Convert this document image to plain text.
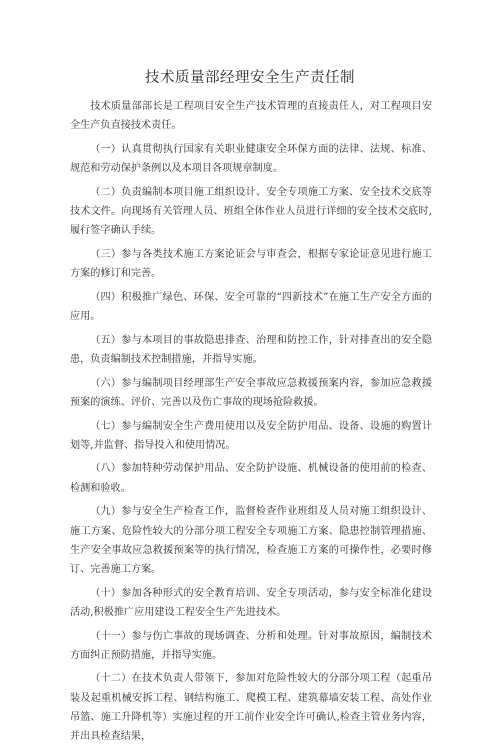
技术质量部经理安全生产责任制

技术质量部部长是工程项目安全生产技术管理的直接责任人，对工程项目安全生产负直接技术责任。

（一）认真贯彻执行国家有关职业健康安全环保方面的法律、法规、标准、规范和劳动保护条例以及本项目各项规章制度。

（二）负责编制本项目施工组织设计、安全专项施工方案、安全技术交底等技术文件。向现场有关管理人员、班组全体作业人员进行详细的安全技术交底时,履行签字确认手续。

（三）参与各类技术施工方案论证会与审查会，根据专家论证意见进行施工方案的修订和完善。

（四）积极推广绿色、环保、安全可靠的“四新技术”在施工生产安全方面的应用。

（五）参与本项目的事故隐患排查、治理和防控工作，针对排查出的安全隐患，负责编制技术控制措施，并指导实施。

（六）参与编制项目经理部生产安全事故应急救援预案内容，参加应急救援预案的演练、评价、完善以及伤亡事故的现场抢险救援。

（七）参与编制安全生产费用使用以及安全防护用品、设备、设施的购置计划等,并监督、指导投入和使用情况。

（八）参加特种劳动保护用品、安全防护设施、机械设备的使用前的检查、检测和验收。

（九）参与安全生产检查工作，监督检查作业班组及人员对施工组织设计、施工方案、危险性较大的分部分项工程安全专项施工方案、隐患控制管理措施、生产安全事故应急救援预案等的执行情况，检查施工方案的可操作性，必要时修订、完善施工方案。

（十）参加各种形式的安全教育培训、安全专项活动，参与安全标准化建设活动,积极推广应用建设工程安全生产先进技术。

（十一）参与伤亡事故的现场调查、分析和处理。针对事故原因，编制技术方面纠正预防措施，并指导实施。

（十二）在技术负责人带领下，参加对危险性较大的分部分项工程（起重吊装及起重机械安拆工程、钢结构施工、爬模工程、建筑幕墙安装工程、高处作业吊篮、施工升降机等）实施过程的开工前作业安全许可确认,检查主管业务内容，并出具检查结果，
